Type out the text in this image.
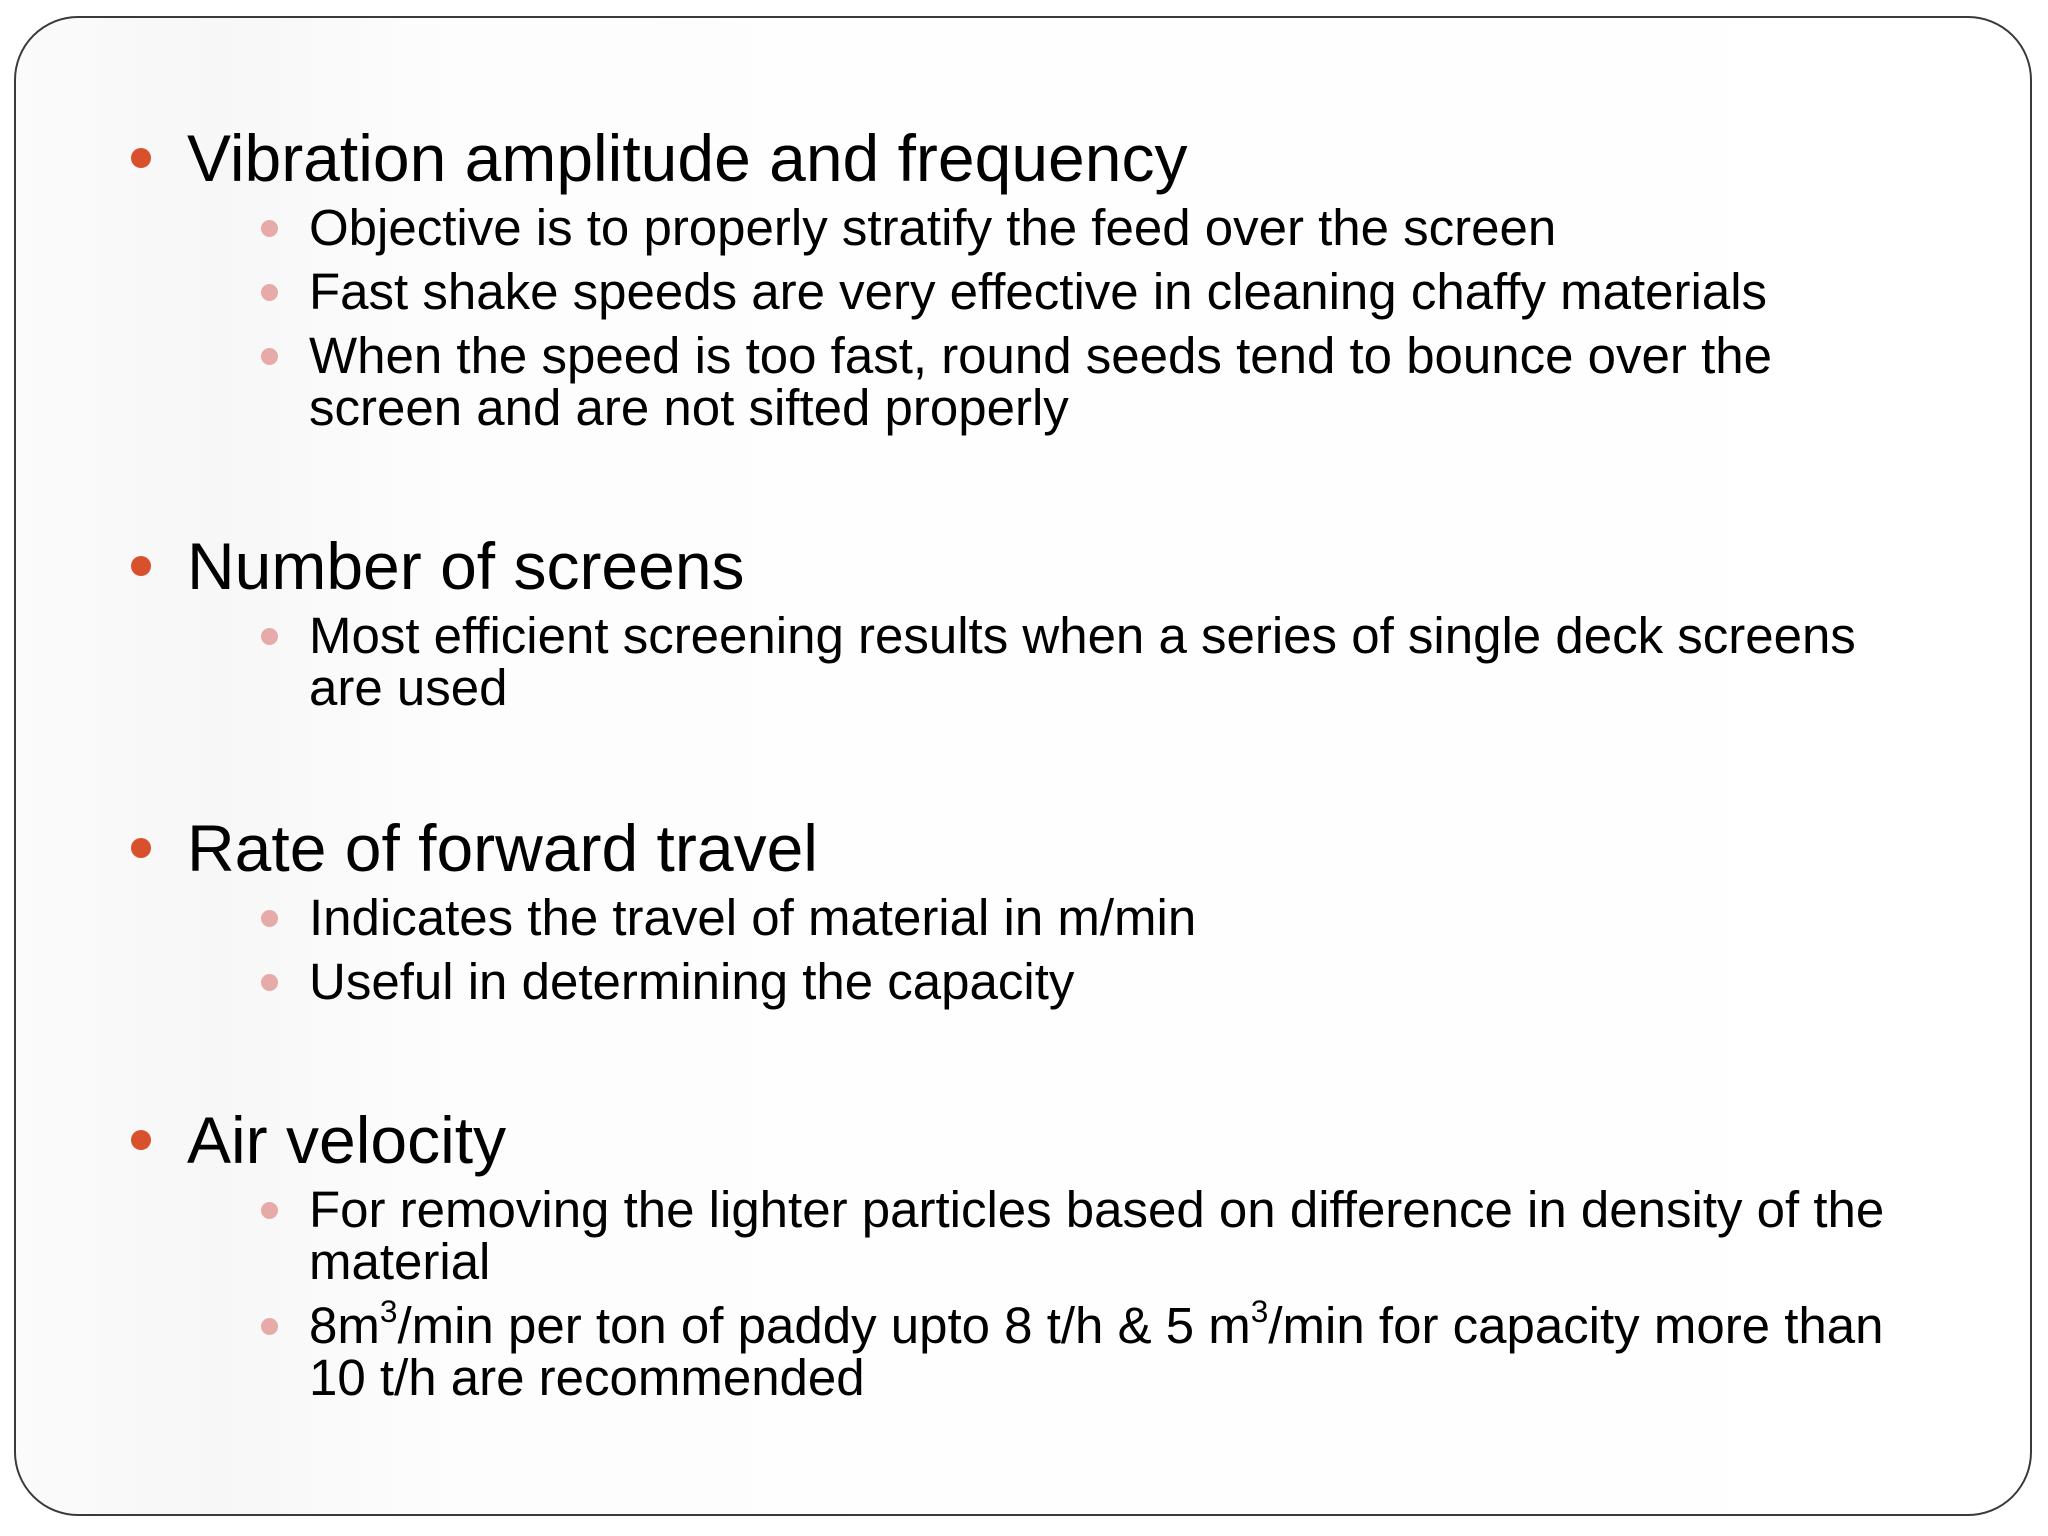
Vibration amplitude and frequency
Objective is to properly stratify the feed over the screen
Fast shake speeds are very effective in cleaning chaffy materials
When the speed is too fast, round seeds tend to bounce over the screen and are not sifted properly
Number of screens
Most efficient screening results when a series of single deck screens are used
Rate of forward travel
Indicates the travel of material in m/min
Useful in determining the capacity
Air velocity
For removing the lighter particles based on difference in density of the material
$8m^3/\min$ per ton of paddy upto 8 t/h & 5 $m^3/\min$ for capacity more than 10 t/h are recommended
